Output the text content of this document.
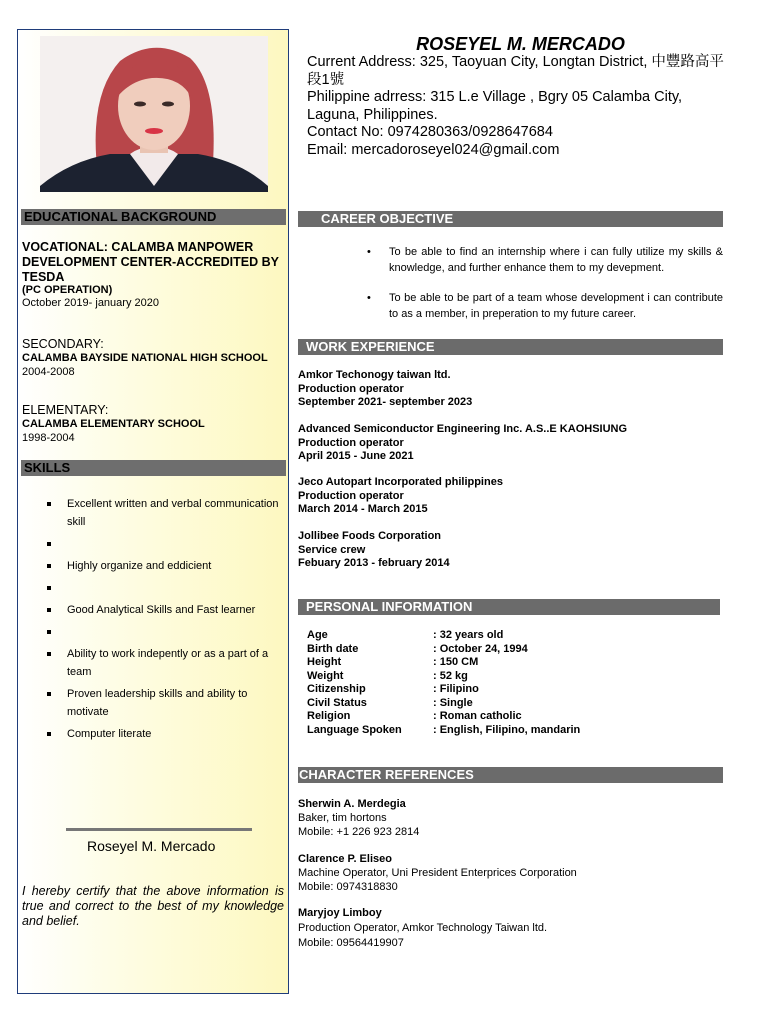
EDUCATIONAL BACKGROUND
VOCATIONAL: CALAMBA MANPOWER DEVELOPMENT CENTER-ACCREDITED BY TESDA
(PC OPERATION)
October 2019- january 2020
SECONDARY:
CALAMBA BAYSIDE NATIONAL HIGH SCHOOL
2004-2008
ELEMENTARY:
CALAMBA ELEMENTARY SCHOOL
1998-2004
SKILLS
Excellent written and verbal communication skill
Highly organize and eddicient
Good Analytical Skills and Fast learner
Ability to work indepently or as a part of a team
Proven leadership skills and ability to motivate
Computer literate
Roseyel M. Mercado
I hereby certify that the above information is true and correct to the best of my knowledge and belief.
ROSEYEL M. MERCADO
Current Address: 325, Taoyuan City, Longtan District, 中豐路高平段1號
Philippine adrress: 315 L.e Village , Bgry 05 Calamba City, Laguna, Philippines.
Contact No: 0974280363/0928647684
Email: mercadoroseyel024@gmail.com
CAREER OBJECTIVE
WORK EXPERIENCE
PERSONAL INFORMATION
CHARACTER REFERENCES
• To be able to find an internship where i can fully utilize my skills & knowledge, and further enhance them to my devepment.
• To be able to be part of a team whose development i can contribute to as a member, in preperation to my future career.
Amkor Techonogy taiwan ltd.
Production operator
September 2021- september 2023
Advanced Semiconductor Engineering Inc. A.S..E KAOHSIUNG
Production operator
April 2015 - June 2021
Jeco Autopart Incorporated philippines
Production operator
March 2014 - March 2015
Jollibee Foods Corporation
Service crew
Febuary 2013 - february 2014
Age	: 32 years old
Birth date	: October 24, 1994
Height	: 150 CM
Weight	: 52 kg
Citizenship	: Filipino
Civil Status	: Single
Religion	: Roman catholic
Language Spoken	: English, Filipino, mandarin
Sherwin A. Merdegia
Baker, tim hortons
Mobile: +1 226 923 2814
Clarence P. Eliseo
Machine Operator, Uni President Enterprices Corporation
Mobile: 0974318830
Maryjoy Limboy
Production Operator, Amkor Technology Taiwan ltd.
Mobile: 09564419907
